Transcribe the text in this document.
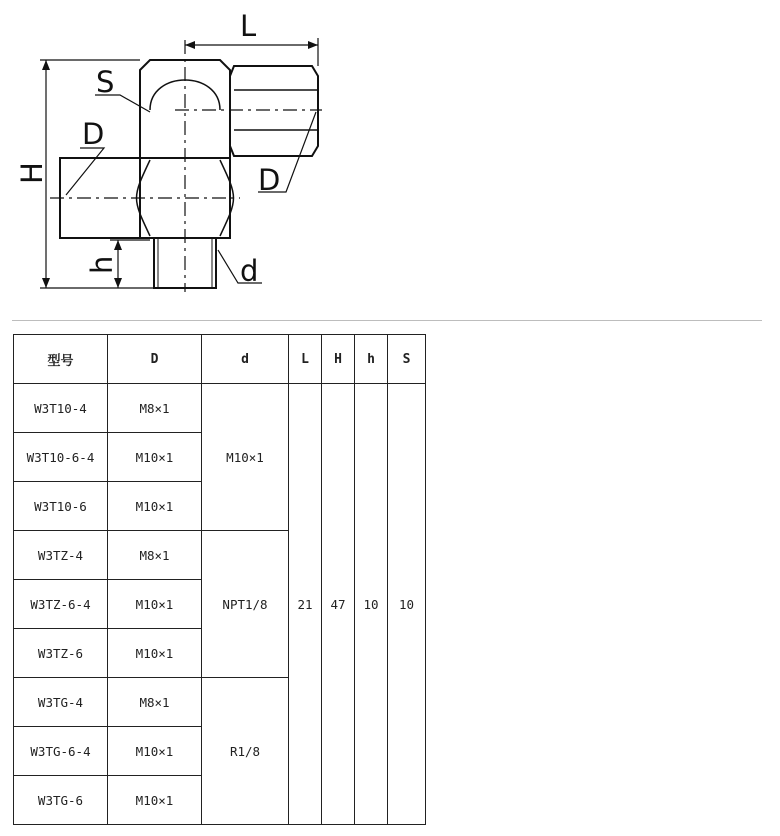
L
S
D
D
H
h	d
型号	D	d	L	H	h	S
W3T10-4	M8×1	M10×1	21	47	10	10
W3T10-6-4	M10×1					
W3T10-6	M10×1					
W3TZ-4	M8×1	NPT1/8				
W3TZ-6-4	M10×1					
W3TZ-6	M10×1					
W3TG-4	M8×1	R1/8				
W3TG-6-4	M10×1					
W3TG-6	M10×1					
